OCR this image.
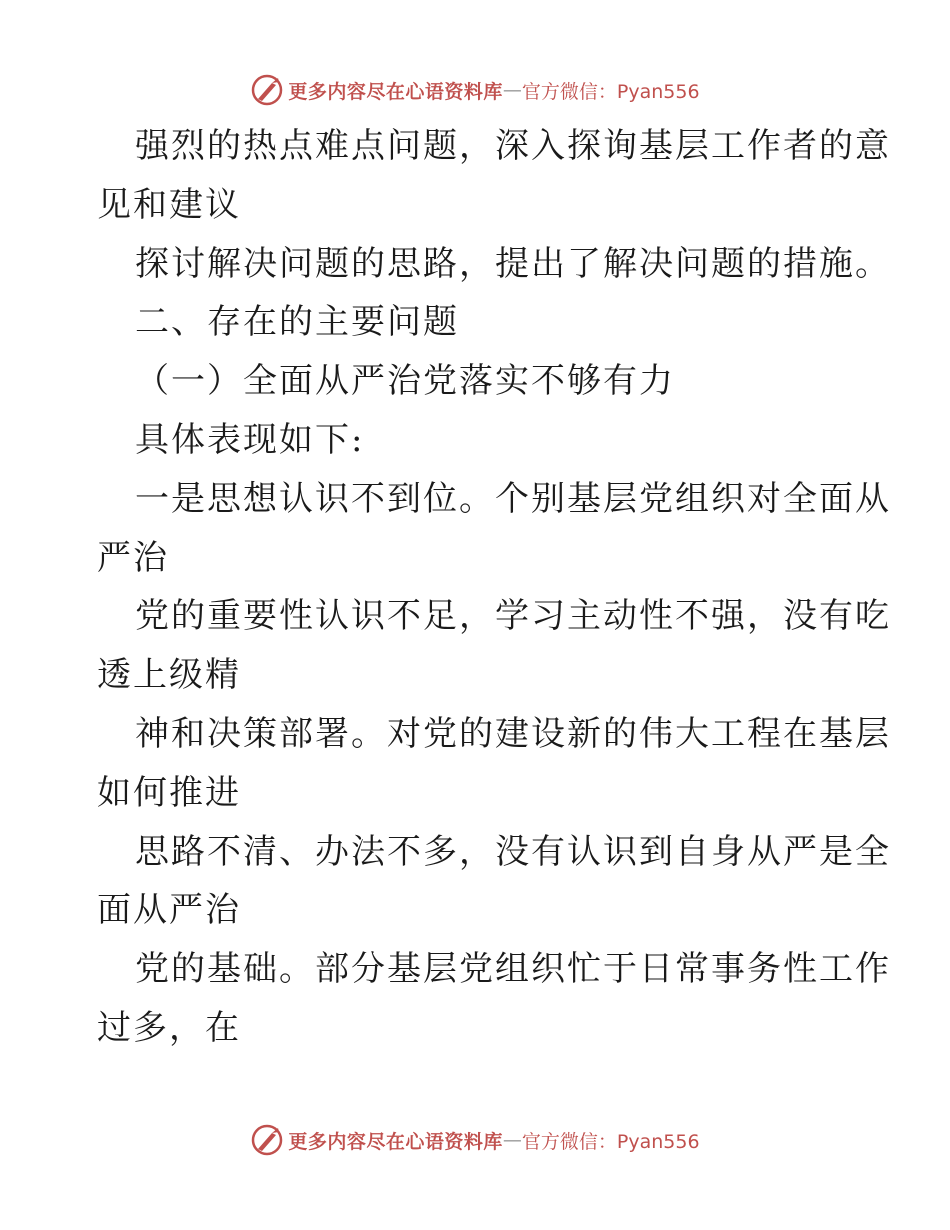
更多内容尽在心语资料库 — 官方微信：Pyan556
强烈的热点难点问题，深入探询基层工作者的意
见和建议
探讨解决问题的思路，提出了解决问题的措施。
二、存在的主要问题
（一）全面从严治党落实不够有力
具体表现如下:
一是思想认识不到位。个别基层党组织对全面从
严治
党的重要性认识不足，学习主动性不强，没有吃
透上级精
神和决策部署。对党的建设新的伟大工程在基层
如何推进
思路不清、办法不多，没有认识到自身从严是全
面从严治
党的基础。部分基层党组织忙于日常事务性工作
过多，在
更多内容尽在心语资料库 — 官方微信：Pyan556
